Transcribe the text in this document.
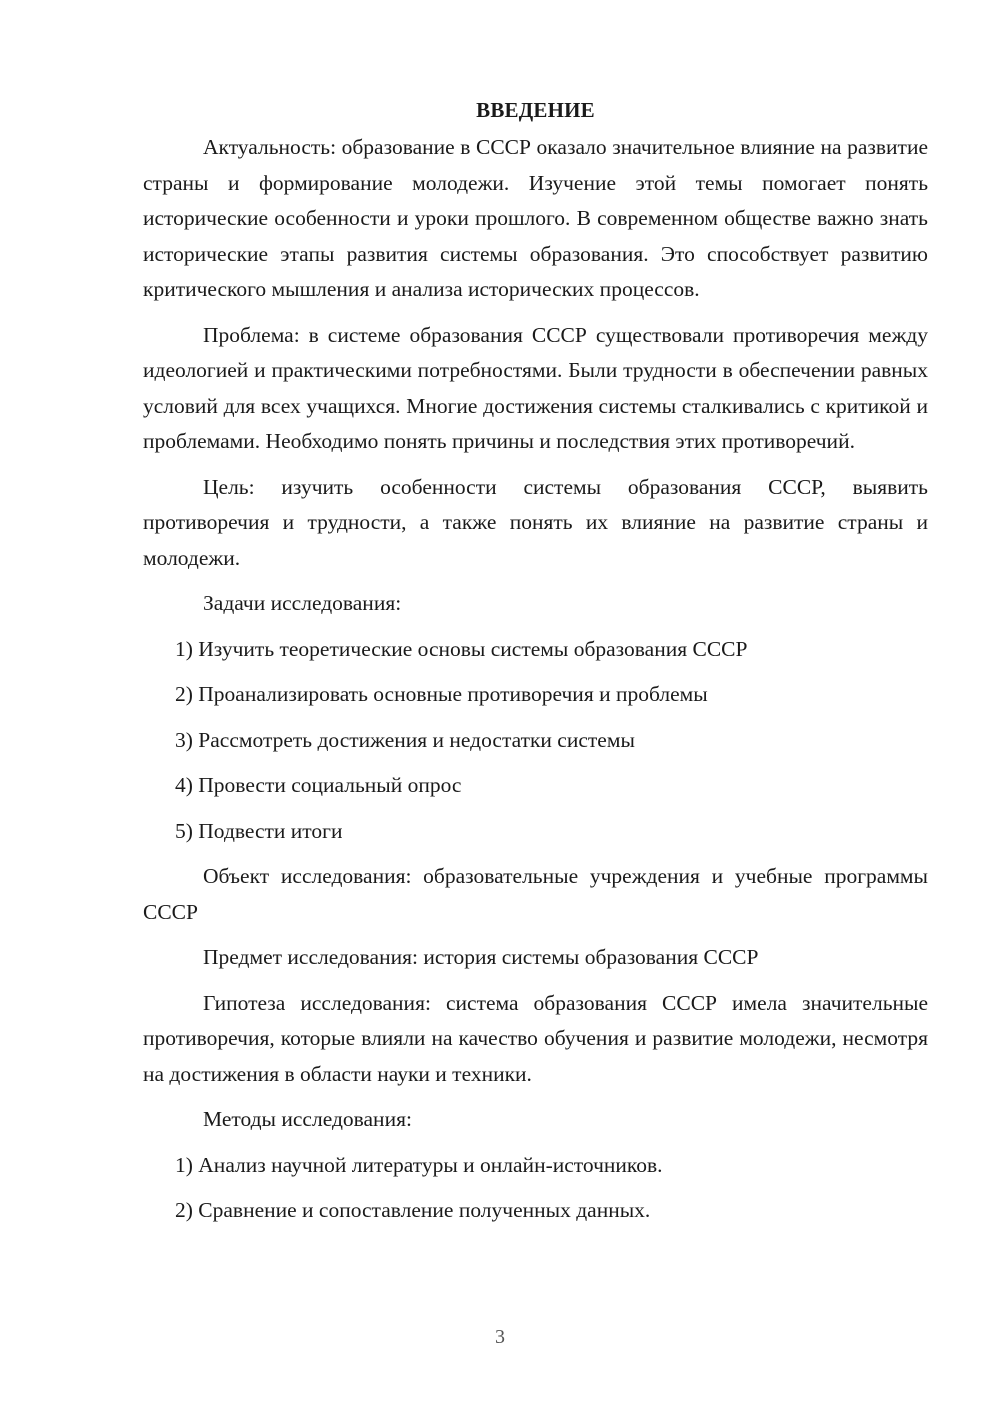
ВВЕДЕНИЕ

Актуальность: образование в СССР оказало значительное влияние на развитие страны и формирование молодежи. Изучение этой темы помогает понять исторические особенности и уроки прошлого. В современном обществе важно знать исторические этапы развития системы образования. Это способствует развитию критического мышления и анализа исторических процессов.

Проблема: в системе образования СССР существовали противоречия между идеологией и практическими потребностями. Были трудности в обеспечении равных условий для всех учащихся. Многие достижения системы сталкивались с критикой и проблемами. Необходимо понять причины и последствия этих противоречий.

Цель: изучить особенности системы образования СССР, выявить противоречия и трудности, а также понять их влияние на развитие страны и молодежи.

Задачи исследования:

1) Изучить теоретические основы системы образования СССР

2) Проанализировать основные противоречия и проблемы

3) Рассмотреть достижения и недостатки системы

4) Провести социальный опрос

5) Подвести итоги

Объект исследования: образовательные учреждения и учебные программы СССР

Предмет исследования: история системы образования СССР

Гипотеза исследования: система образования СССР имела значительные противоречия, которые влияли на качество обучения и развитие молодежи, несмотря на достижения в области науки и техники.

Методы исследования:

1) Анализ научной литературы и онлайн-источников.

2) Сравнение и сопоставление полученных данных.

3
